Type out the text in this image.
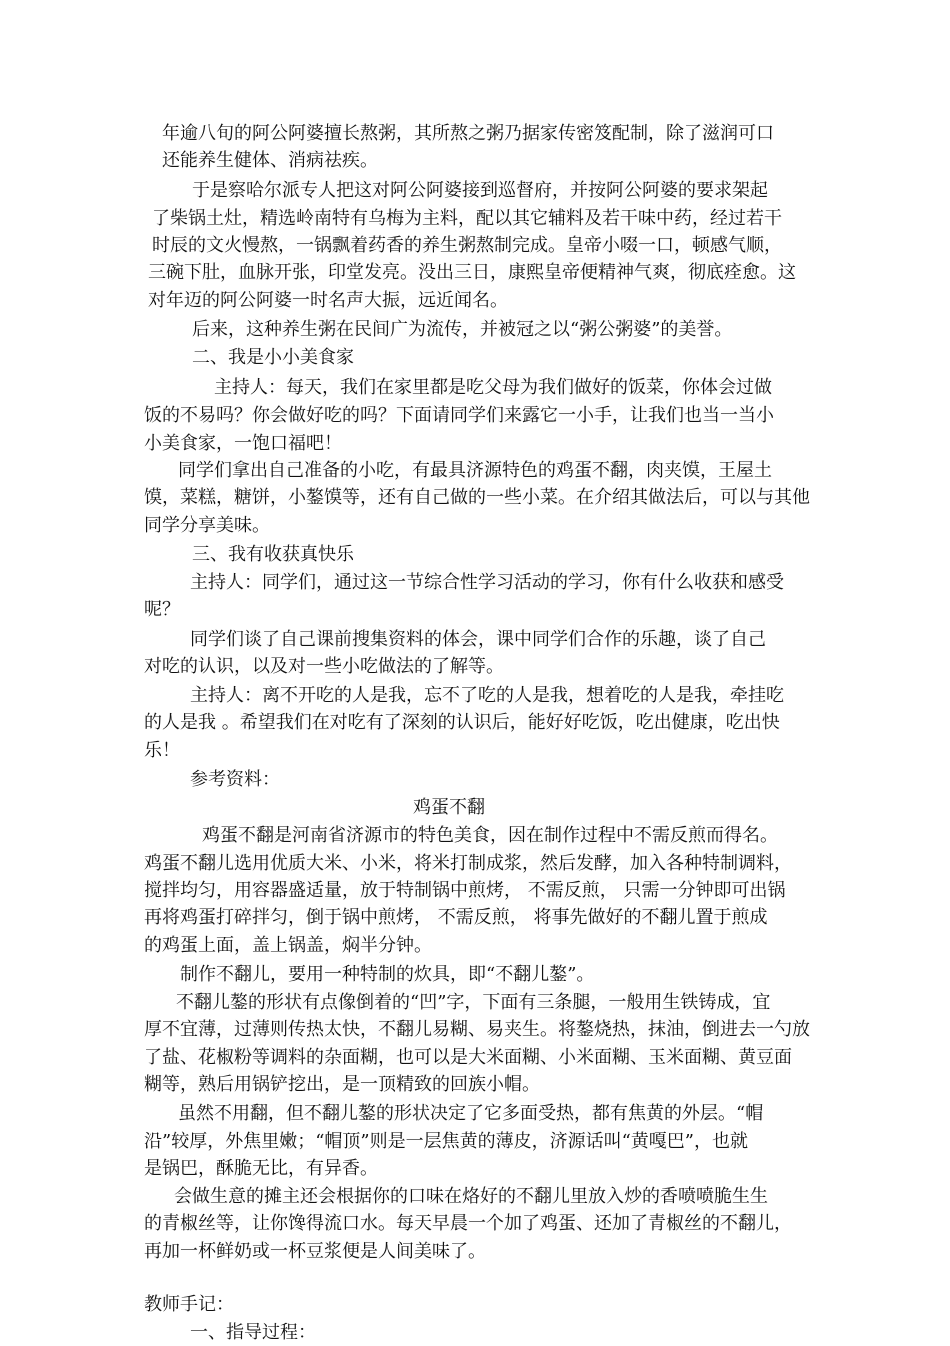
年逾八旬的阿公阿婆擅长熬粥，其所熬之粥乃据家传密笈配制，除了滋润可口
还能养生健体、消病祛疾。
于是察哈尔派专人把这对阿公阿婆接到巡督府，并按阿公阿婆的要求架起
了柴锅土灶，精选岭南特有乌梅为主料，配以其它辅料及若干味中药，经过若干
时辰的文火慢熬，一锅飘着药香的养生粥熬制完成。皇帝小啜一口，顿感气顺，
三碗下肚，血脉开张，印堂发亮。没出三日，康熙皇帝便精神气爽，彻底痊愈。这
对年迈的阿公阿婆一时名声大振，远近闻名。
后来，这种养生粥在民间广为流传，并被冠之以“粥公粥婆”的美誉。
二、我是小小美食家
主持人：每天，我们在家里都是吃父母为我们做好的饭菜，你体会过做
饭的不易吗？你会做好吃的吗？下面请同学们来露它一小手，让我们也当一当小
小美食家，一饱口福吧！
同学们拿出自己准备的小吃，有最具济源特色的鸡蛋不翻，肉夹馍，王屋土
馍，菜糕，糖饼，小鏊馍等，还有自己做的一些小菜。在介绍其做法后，可以与其他
同学分享美味。
三、我有收获真快乐
主持人：同学们，通过这一节综合性学习活动的学习，你有什么收获和感受
呢？
同学们谈了自己课前搜集资料的体会，课中同学们合作的乐趣，谈了自己
对吃的认识，以及对一些小吃做法的了解等。
主持人：离不开吃的人是我，忘不了吃的人是我，想着吃的人是我，牵挂吃
的人是我 。希望我们在对吃有了深刻的认识后，能好好吃饭，吃出健康，吃出快
乐！
参考资料：
鸡蛋不翻
鸡蛋不翻是河南省济源市的特色美食，因在制作过程中不需反煎而得名。
鸡蛋不翻儿选用优质大米、小米，将米打制成浆，然后发酵，加入各种特制调料，
搅拌均匀，用容器盛适量，放于特制锅中煎烤， 不需反煎， 只需一分钟即可出锅
再将鸡蛋打碎拌匀，倒于锅中煎烤， 不需反煎， 将事先做好的不翻儿置于煎成
的鸡蛋上面，盖上锅盖，焖半分钟。
制作不翻儿，要用一种特制的炊具，即“不翻儿鏊”。
不翻儿鏊的形状有点像倒着的“凹”字，下面有三条腿，一般用生铁铸成，宜
厚不宜薄，过薄则传热太快，不翻儿易糊、易夹生。将鏊烧热，抹油，倒进去一勺放
了盐、花椒粉等调料的杂面糊，也可以是大米面糊、小米面糊、玉米面糊、黄豆面
糊等，熟后用锅铲挖出，是一顶精致的回族小帽。
虽然不用翻，但不翻儿鏊的形状决定了它多面受热，都有焦黄的外层。“帽
沿”较厚，外焦里嫩；“帽顶”则是一层焦黄的薄皮，济源话叫“黄嘎巴”，也就
是锅巴，酥脆无比，有异香。
会做生意的摊主还会根据你的口味在烙好的不翻儿里放入炒的香喷喷脆生生
的青椒丝等，让你馋得流口水。每天早晨一个加了鸡蛋、还加了青椒丝的不翻儿，
再加一杯鲜奶或一杯豆浆便是人间美味了。
教师手记：
一、指导过程：
